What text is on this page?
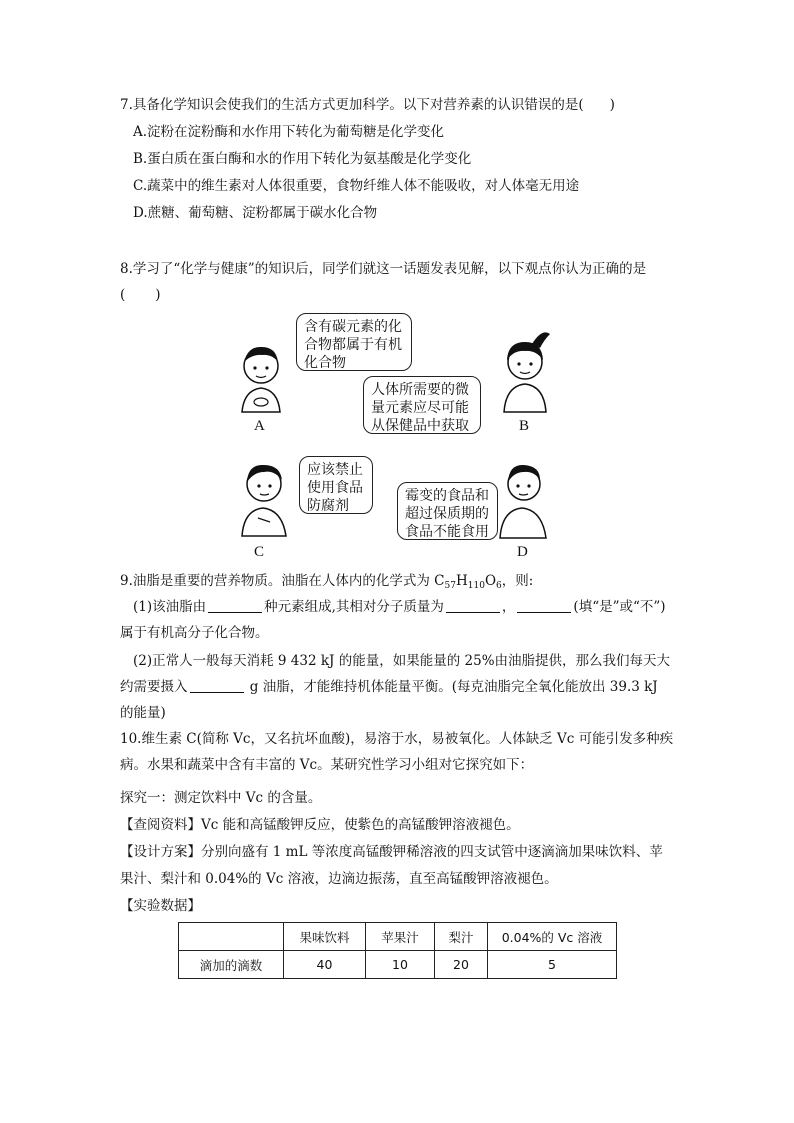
7.具备化学知识会使我们的生活方式更加科学。以下对营养素的认识错误的是( )
A.淀粉在淀粉酶和水作用下转化为葡萄糖是化学变化
B.蛋白质在蛋白酶和水的作用下转化为氨基酸是化学变化
C.蔬菜中的维生素对人体很重要，食物纤维人体不能吸收，对人体毫无用途
D.蔗糖、葡萄糖、淀粉都属于碳水化合物
8.学习了“化学与健康”的知识后，同学们就这一话题发表见解，以下观点你认为正确的是
( )
含有碳元素的化
合物都属于有机
化合物
A
人体所需要的微
量元素应尽可能
从保健品中获取	B
应该禁止
使用食品
防腐剂
C
霉变的食品和
超过保质期的
食品不能食用
D
9.油脂是重要的营养物质。油脂在人体内的化学式为 $C_{57}H_{110}O_6$，则:
(1)该油脂由	种元素组成,其相对分子质量为	，	(填“是”或“不”)
属于有机高分子化合物。
(2)正常人一般每天消耗 9 432 kJ 的能量，如果能量的 25%由油脂提供，那么我们每天大
约需要摄入	g 油脂，才能维持机体能量平衡。(每克油脂完全氧化能放出 39.3 kJ
的能量)
10.维生素 C(简称 Vc，又名抗坏血酸)，易溶于水，易被氧化。人体缺乏 Vc 可能引发多种疾
病。水果和蔬菜中含有丰富的 Vc。某研究性学习小组对它探究如下：
探究一：测定饮料中 Vc 的含量。
【查阅资料】Vc 能和高锰酸钾反应，使紫色的高锰酸钾溶液褪色。
【设计方案】分别向盛有 1 mL 等浓度高锰酸钾稀溶液的四支试管中逐滴滴加果味饮料、苹
果汁、梨汁和 0.04%的 Vc 溶液，边滴边振荡，直至高锰酸钾溶液褪色。
【实验数据】
	果味饮料	苹果汁	梨汁	0.04%的 Vc 溶液
滴加的滴数	40	10	20	5
